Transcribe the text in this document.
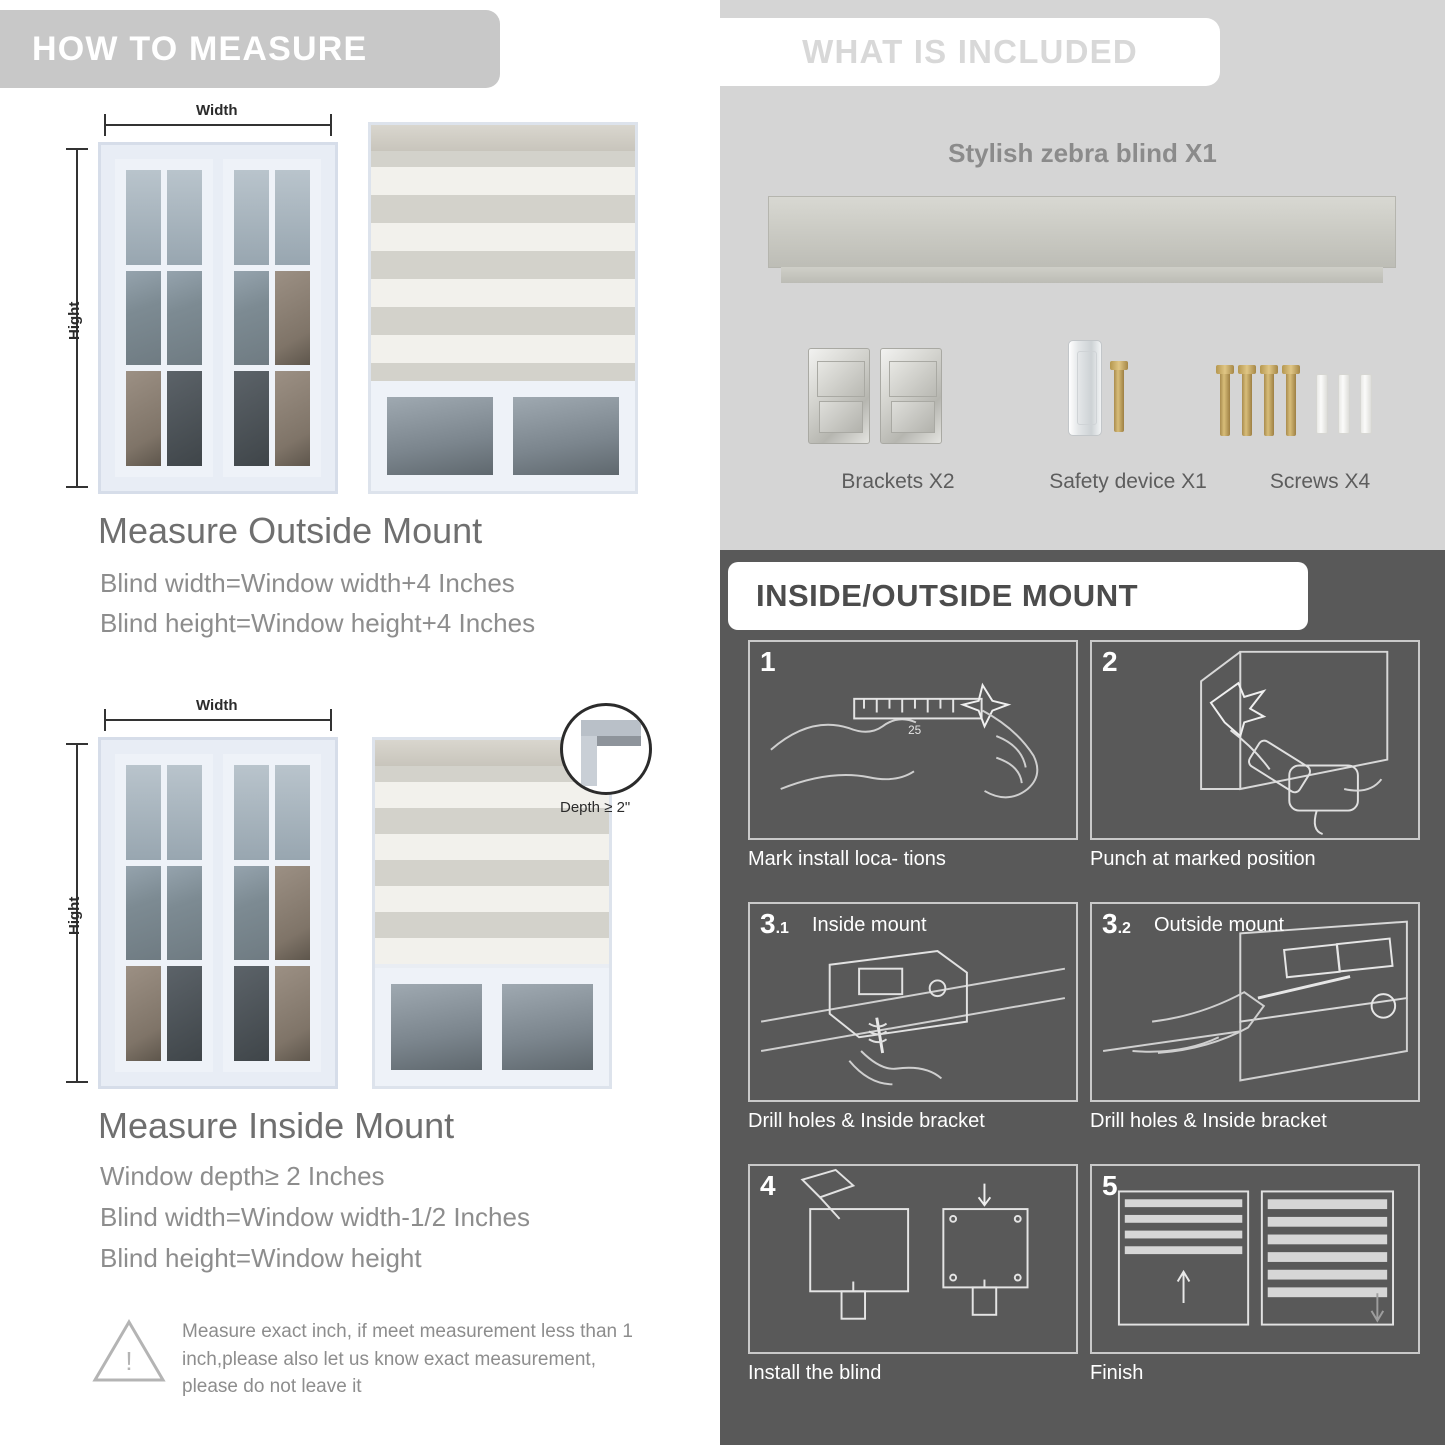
HOW TO MEASURE
Width
Hight
Measure Outside Mount
Blind width=Window width+4 Inches
Blind height=Window height+4 Inches
Width
Hight
Depth ≥ 2"
Measure Inside Mount
Window depth≥ 2 Inches
Blind width=Window width-1/2 Inches
Blind height=Window height
!
Measure exact inch, if meet measurement less than 1 inch,please also let us know exact measurement, please do not leave it
WHAT IS INCLUDED
Stylish zebra blind X1
Brackets X2	Safety device X1	Screws X4
INSIDE/OUTSIDE MOUNT
25
1
Mark install loca- tions
2
Punch at marked position
3.1 Inside mount
Drill holes & Inside bracket
3.2 Outside mount
Drill holes & Inside bracket
4
Install the blind
5
Finish
